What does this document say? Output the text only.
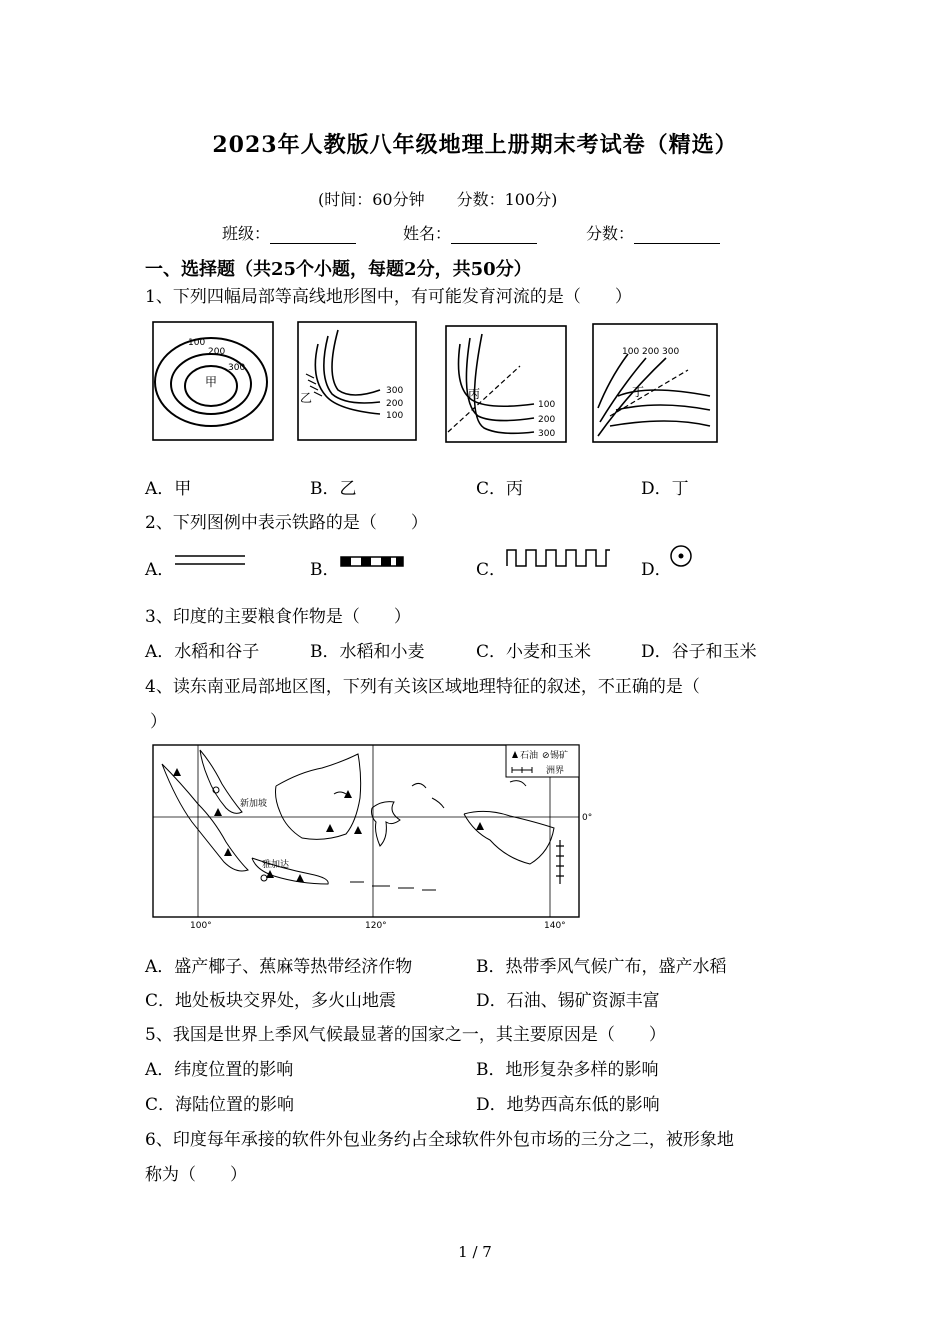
2023年人教版八年级地理上册期末考试卷（精选）
(时间：60分钟　　分数：100分)
班级：	姓名：	分数：
一、选择题（共25个小题，每题2分，共50分）
1、下列四幅局部等高线地形图中，有可能发育河流的是（　　）
甲
100
200
300
乙	300
200
100
丙
100
200
300
100 200 300
丁
A．甲	B．乙	C．丙	D．丁
2、下列图例中表示铁路的是（　　）
A．	B．	C．	D．
3、印度的主要粮食作物是（　　）
A．水稻和谷子	B．水稻和小麦	C．小麦和玉米	D．谷子和玉米
4、读东南亚局部地区图，下列有关该区域地理特征的叙述，不正确的是（
）
新加坡
雅加达
石油 ⊘ 锡矿
洲界
100°	120°	140°
0°
A．盛产椰子、蕉麻等热带经济作物	B．热带季风气候广布，盛产水稻
C．地处板块交界处，多火山地震	D．石油、锡矿资源丰富
5、我国是世界上季风气候最显著的国家之一，其主要原因是（　　）
A．纬度位置的影响	B．地形复杂多样的影响
C．海陆位置的影响	D．地势西高东低的影响
6、印度每年承接的软件外包业务约占全球软件外包市场的三分之二，被形象地
称为（　　）
1 / 7
